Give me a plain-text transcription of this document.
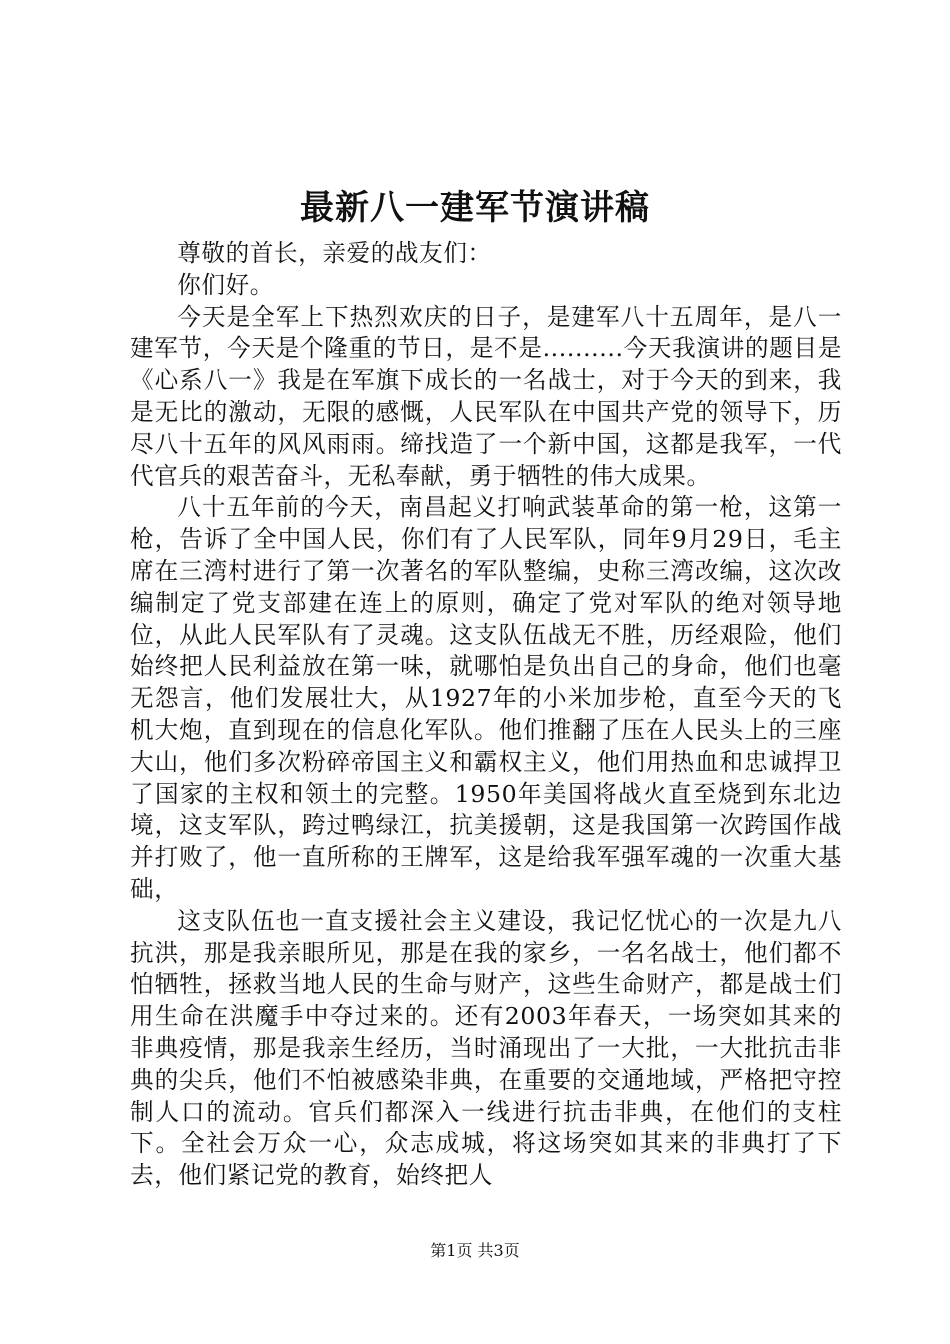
最新八一建军节演讲稿

尊敬的首长，亲爱的战友们：

你们好。

今天是全军上下热烈欢庆的日子，是建军八十五周年，是八一建军节，今天是个隆重的节日，是不是..........今天我演讲的题目是《心系八一》我是在军旗下成长的一名战士，对于今天的到来，我是无比的激动，无限的感慨，人民军队在中国共产党的领导下，历尽八十五年的风风雨雨。缔找造了一个新中国，这都是我军，一代代官兵的艰苦奋斗，无私奉献，勇于牺牲的伟大成果。

八十五年前的今天，南昌起义打响武装革命的第一枪，这第一枪，告诉了全中国人民，你们有了人民军队，同年9月29日，毛主席在三湾村进行了第一次著名的军队整编，史称三湾改编，这次改编制定了党支部建在连上的原则，确定了党对军队的绝对领导地位，从此人民军队有了灵魂。这支队伍战无不胜，历经艰险，他们始终把人民利益放在第一味，就哪怕是负出自己的身命，他们也毫无怨言，他们发展壮大，从1927年的小米加步枪，直至今天的飞机大炮，直到现在的信息化军队。他们推翻了压在人民头上的三座大山，他们多次粉碎帝国主义和霸权主义，他们用热血和忠诚捍卫了国家的主权和领土的完整。1950年美国将战火直至烧到东北边境，这支军队，跨过鸭绿江，抗美援朝，这是我国第一次跨国作战并打败了，他一直所称的王牌军，这是给我军强军魂的一次重大基础，

这支队伍也一直支援社会主义建设，我记忆忧心的一次是九八抗洪，那是我亲眼所见，那是在我的家乡，一名名战士，他们都不怕牺牲，拯救当地人民的生命与财产，这些生命财产，都是战士们用生命在洪魔手中夺过来的。还有2003年春天，一场突如其来的非典疫情，那是我亲生经历，当时涌现出了一大批，一大批抗击非典的尖兵，他们不怕被感染非典，在重要的交通地域，严格把守控制人口的流动。官兵们都深入一线进行抗击非典，在他们的支柱下。全社会万众一心，众志成城，将这场突如其来的非典打了下去，他们紧记党的教育，始终把人

第1页 共3页
